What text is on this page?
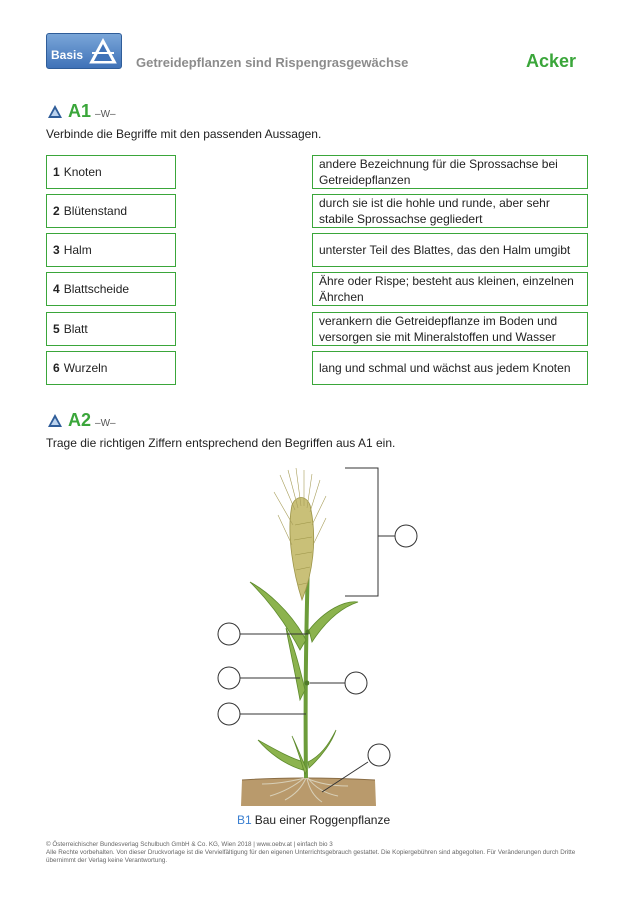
Basis	Getreidepflanzen sind Rispengrasgewächse	Acker
A1 –W–
Verbinde die Begriffe mit den passenden Aussagen.
1 Knoten
2 Blütenstand
3 Halm
4 Blattscheide
5 Blatt
6 Wurzeln
andere Bezeichnung für die Sprossachse bei Getreidepflanzen
durch sie ist die hohle und runde, aber sehr stabile Sprossachse gegliedert
unterster Teil des Blattes, das den Halm umgibt
Ähre oder Rispe; besteht aus kleinen, einzelnen Ährchen
verankern die Getreidepflanze im Boden und versorgen sie mit Mineralstoffen und Wasser
lang und schmal und wächst aus jedem Knoten
A2 –W–
Trage die richtigen Ziffern entsprechend den Begriffen aus A1 ein.
B1 Bau einer Roggenpflanze
© Österreichischer Bundesverlag Schulbuch GmbH & Co. KG, Wien 2018 | www.oebv.at | einfach bio 3
Alle Rechte vorbehalten. Von dieser Druckvorlage ist die Vervielfältigung für den eigenen Unterrichtsgebrauch gestattet. Die Kopiergebühren sind abgegolten. Für Veränderungen durch Dritte übernimmt der Verlag keine Verantwortung.
